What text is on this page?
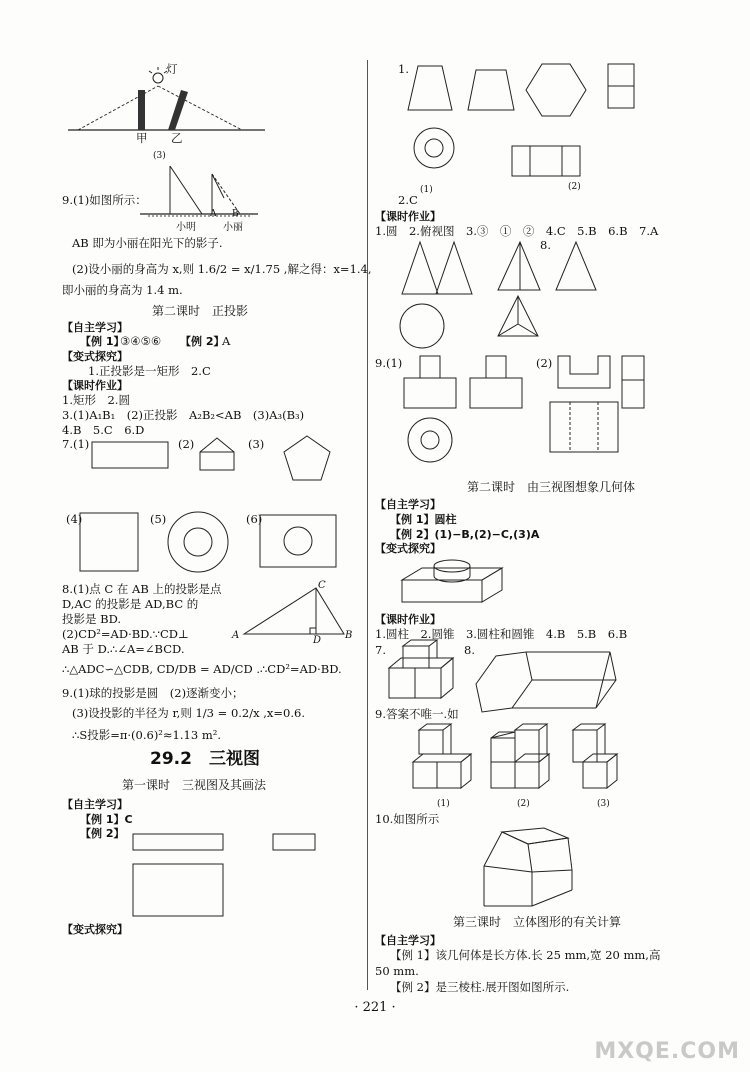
灯
甲 乙
(3)
9.(1)如图所示：
A B
小明	小丽
AB 即为小丽在阳光下的影子.
(2)设小丽的身高为 x,则 1.6/2 = x/1.75 ,解之得：x=1.4,
即小丽的身高为 1.4 m.
第二课时　正投影
【自主学习】
【例 1】
③④⑤⑥ 【例 2】
A
【变式探究】
1.正投影是一矩形　2.C
【课时作业】
1.矩形　2.圆
3.(1)A₁B₁　(2)正投影　A₂B₂<AB　(3)A₃(B₃)
4.B　5.C　6.D
7.(1)	(2)	(3)
(4)	(5)	(6)
8.(1)点 C 在 AB 上的投影是点
D,AC 的投影是 AD,BC 的
投影是 BD.
(2)CD²=AD·BD.∵CD⊥
AB 于 D.∴∠A=∠BCD.
∴△ADC∽△CDB, CD/DB = AD/CD .∴CD²=AD·BD.
C
A	B
D
9.(1)球的投影是圆　(2)逐渐变小；
(3)设投影的半径为 r,则 1/3 = 0.2/x ,x=0.6.
∴S投影=π·(0.6)²≈1.13 m².
29.2　三视图
第一课时　三视图及其画法
【自主学习】
【例 1】C
【例 2】
【变式探究】
1.
(1)	(2)
2.C
【课时作业】
1.圆　2.俯视图　3.③　①　②　4.C　5.B　6.B　7.A
8.
9.(1)	(2)
第二课时　由三视图想象几何体
【自主学习】
【例 1】圆柱
【例 2】(1)−B,(2)−C,(3)A
【变式探究】
【课时作业】
1.圆柱　2.圆锥　3.圆柱和圆锥　4.B　5.B　6.B
7.	8.
9.答案不唯一.如
(1)	(2)	(3)
10.如图所示
第三课时　立体图形的有关计算
【自主学习】
【例 1】该几何体是长方体.长 25 mm,宽 20 mm,高
50 mm.
【例 2】是三棱柱.展开图如图所示.
· 221 ·
MXQE.COM
